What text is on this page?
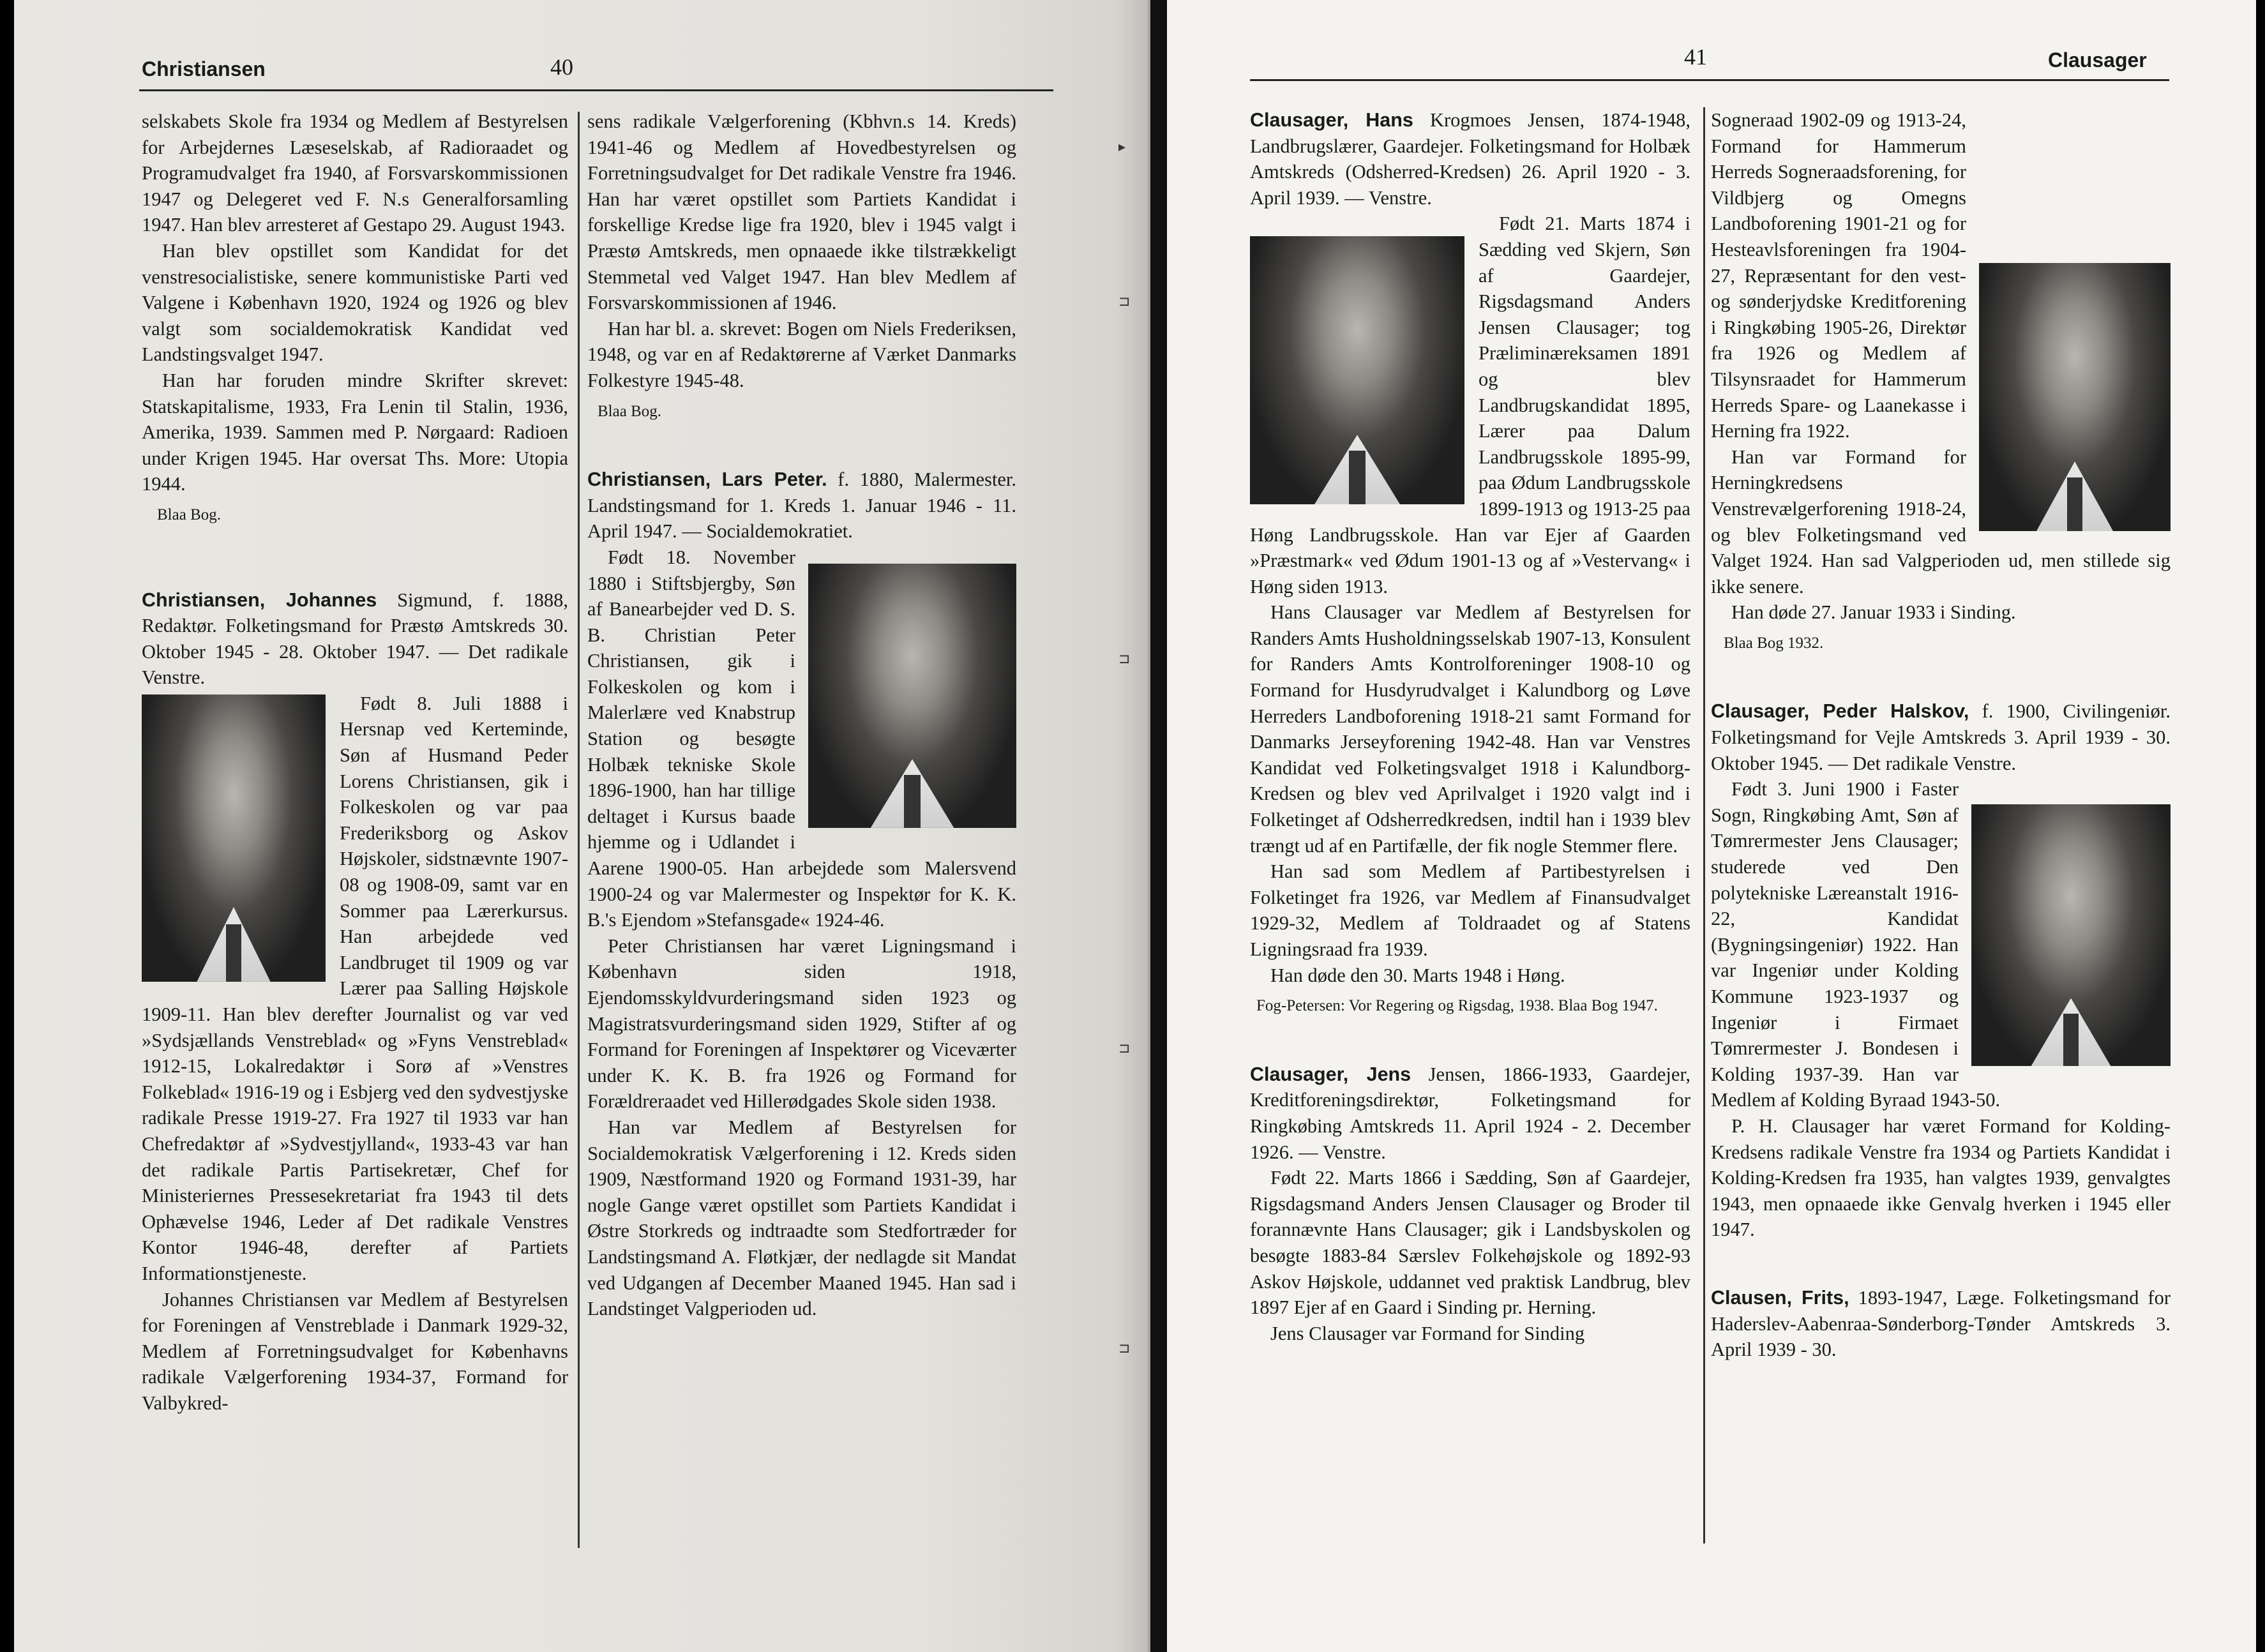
Christiansen	40

selskabets Skole fra 1934 og Medlem af Bestyrelsen for Arbejdernes Læseselskab, af Radioraadet og Programudvalget fra 1940, af Forsvarskommissionen 1947 og Delegeret ved F. N.s Generalforsamling 1947. Han blev arresteret af Gestapo 29. August 1943.

Han blev opstillet som Kandidat for det venstresocialistiske, senere kommunistiske Parti ved Valgene i København 1920, 1924 og 1926 og blev valgt som socialdemokratisk Kandidat ved Landstingsvalget 1947.

Han har foruden mindre Skrifter skrevet: Statskapitalisme, 1933, Fra Lenin til Stalin, 1936, Amerika, 1939. Sammen med P. Nørgaard: Radioen under Krigen 1945. Har oversat Ths. More: Utopia 1944.

Blaa Bog.

Christiansen, Johannes Sigmund, f. 1888, Redaktør. Folketingsmand for Præstø Amtskreds 30. Oktober 1945 - 28. Oktober 1947. — Det radikale Venstre.

Født 8. Juli 1888 i Hersnap ved Kerteminde, Søn af Husmand Peder Lorens Christiansen, gik i Folkeskolen og var paa Frederiksborg og Askov Højskoler, sidstnævnte 1907-08 og 1908-09, samt var en Sommer paa Lærerkursus. Han arbejdede ved Landbruget til 1909 og var Lærer paa Salling Højskole 1909-11. Han blev derefter Journalist og var ved »Sydsjællands Venstreblad« og »Fyns Venstreblad« 1912-15, Lokalredaktør i Sorø af »Venstres Folkeblad« 1916-19 og i Esbjerg ved den sydvestjyske radikale Presse 1919-27. Fra 1927 til 1933 var han Chefredaktør af »Sydvestjylland«, 1933-43 var han det radikale Partis Partisekretær, Chef for Ministeriernes Pressesekretariat fra 1943 til dets Ophævelse 1946, Leder af Det radikale Venstres Kontor 1946-48, derefter af Partiets Informationstjeneste.

Johannes Christiansen var Medlem af Bestyrelsen for Foreningen af Venstreblade i Danmark 1929-32, Medlem af Forretningsudvalget for Københavns radikale Vælgerforening 1934-37, Formand for Valbykred-

sens radikale Vælgerforening (Kbhvn.s 14. Kreds) 1941-46 og Medlem af Hovedbestyrelsen og Forretningsudvalget for Det radikale Venstre fra 1946. Han har været opstillet som Partiets Kandidat i forskellige Kredse lige fra 1920, blev i 1945 valgt i Præstø Amtskreds, men opnaaede ikke tilstrækkeligt Stemmetal ved Valget 1947. Han blev Medlem af Forsvarskommissionen af 1946.

Han har bl. a. skrevet: Bogen om Niels Frederiksen, 1948, og var en af Redaktørerne af Værket Danmarks Folkestyre 1945-48.

Blaa Bog.

Christiansen, Lars Peter. f. 1880, Malermester. Landstingsmand for 1. Kreds 1. Januar 1946 - 11. April 1947. — Socialdemokratiet.

Født 18. November 1880 i Stiftsbjergby, Søn af Banearbejder ved D. S. B. Christian Peter Christiansen, gik i Folkeskolen og kom i Malerlære ved Knabstrup Station og besøgte Holbæk tekniske Skole 1896-1900, han har tillige deltaget i Kursus baade hjemme og i Udlandet i Aarene 1900-05. Han arbejdede som Malersvend 1900-24 og var Malermester og Inspektør for K. K. B.'s Ejendom »Stefansgade« 1924-46.

Peter Christiansen har været Ligningsmand i København siden 1918, Ejendomsskyldvurderingsmand siden 1923 og Magistratsvurderingsmand siden 1929, Stifter af og Formand for Foreningen af Inspektører og Viceværter under K. K. B. fra 1926 og Formand for Forældreraadet ved Hillerødgades Skole siden 1938.

Han var Medlem af Bestyrelsen for Socialdemokratisk Vælgerforening i 12. Kreds siden 1909, Næstformand 1920 og Formand 1931-39, har nogle Gange været opstillet som Partiets Kandidat i Østre Storkreds og indtraadte som Stedfortræder for Landstingsmand A. Fløtkjær, der nedlagde sit Mandat ved Udgangen af December Maaned 1945. Han sad i Landstinget Valgperioden ud.

▸
⊐
⊐
⊐
⊐
41	Clausager

Clausager, Hans Krogmoes Jensen, 1874-1948, Landbrugslærer, Gaardejer. Folketingsmand for Holbæk Amtskreds (Odsherred-Kredsen) 26. April 1920 - 3. April 1939. — Venstre.

Født 21. Marts 1874 i Sædding ved Skjern, Søn af Gaardejer, Rigsdagsmand Anders Jensen Clausager; tog Præliminæreksamen 1891 og blev Landbrugskandidat 1895, Lærer paa Dalum Landbrugsskole 1895-99, paa Ødum Landbrugsskole 1899-1913 og 1913-25 paa Høng Landbrugsskole. Han var Ejer af Gaarden »Præstmark« ved Ødum 1901-13 og af »Vestervang« i Høng siden 1913.

Hans Clausager var Medlem af Bestyrelsen for Randers Amts Husholdningsselskab 1907-13, Konsulent for Randers Amts Kontrolforeninger 1908-10 og Formand for Husdyrudvalget i Kalundborg og Løve Herreders Landboforening 1918-21 samt Formand for Danmarks Jerseyforening 1942-48. Han var Venstres Kandidat ved Folketingsvalget 1918 i Kalundborg-Kredsen og blev ved Aprilvalget i 1920 valgt ind i Folketinget af Odsherredkredsen, indtil han i 1939 blev trængt ud af en Partifælle, der fik nogle Stemmer flere.

Han sad som Medlem af Partibestyrelsen i Folketinget fra 1926, var Medlem af Finansudvalget 1929-32, Medlem af Toldraadet og af Statens Ligningsraad fra 1939.

Han døde den 30. Marts 1948 i Høng.

Fog-Petersen: Vor Regering og Rigsdag, 1938. Blaa Bog 1947.

Clausager, Jens Jensen, 1866-1933, Gaardejer, Kreditforeningsdirektør, Folketingsmand for Ringkøbing Amtskreds 11. April 1924 - 2. December 1926. — Venstre.

Født 22. Marts 1866 i Sædding, Søn af Gaardejer, Rigsdagsmand Anders Jensen Clausager og Broder til forannævnte Hans Clausager; gik i Landsbyskolen og besøgte 1883-84 Særslev Folkehøjskole og 1892-93 Askov Højskole, uddannet ved praktisk Landbrug, blev 1897 Ejer af en Gaard i Sinding pr. Herning.

Jens Clausager var Formand for Sinding

Sogneraad 1902-09 og 1913-24, Formand for Hammerum Herreds Sogneraadsforening, for Vildbjerg og Omegns Landboforening 1901-21 og for Hesteavlsforeningen fra 1904-27, Repræsentant for den vest- og sønderjydske Kreditforening i Ringkøbing 1905-26, Direktør fra 1926 og Medlem af Tilsynsraadet for Hammerum Herreds Spare- og Laanekasse i Herning fra 1922.

Han var Formand for Herningkredsens Venstrevælgerforening 1918-24, og blev Folketingsmand ved Valget 1924. Han sad Valgperioden ud, men stillede sig ikke senere.

Han døde 27. Januar 1933 i Sinding.

Blaa Bog 1932.

Clausager, Peder Halskov, f. 1900, Civilingeniør. Folketingsmand for Vejle Amtskreds 3. April 1939 - 30. Oktober 1945. — Det radikale Venstre.

Født 3. Juni 1900 i Faster Sogn, Ringkøbing Amt, Søn af Tømrermester Jens Clausager; studerede ved Den polytekniske Læreanstalt 1916-22, Kandidat (Bygningsingeniør) 1922. Han var Ingeniør under Kolding Kommune 1923-1937 og Ingeniør i Firmaet Tømrermester J. Bondesen i Kolding 1937-39. Han var Medlem af Kolding Byraad 1943-50.

P. H. Clausager har været Formand for Kolding-Kredsens radikale Venstre fra 1934 og Partiets Kandidat i Kolding-Kredsen fra 1935, han valgtes 1939, genvalgtes 1943, men opnaaede ikke Genvalg hverken i 1945 eller 1947.

Clausen, Frits, 1893-1947, Læge. Folketingsmand for Haderslev-Aabenraa-Sønderborg-Tønder Amtskreds 3. April 1939 - 30.
